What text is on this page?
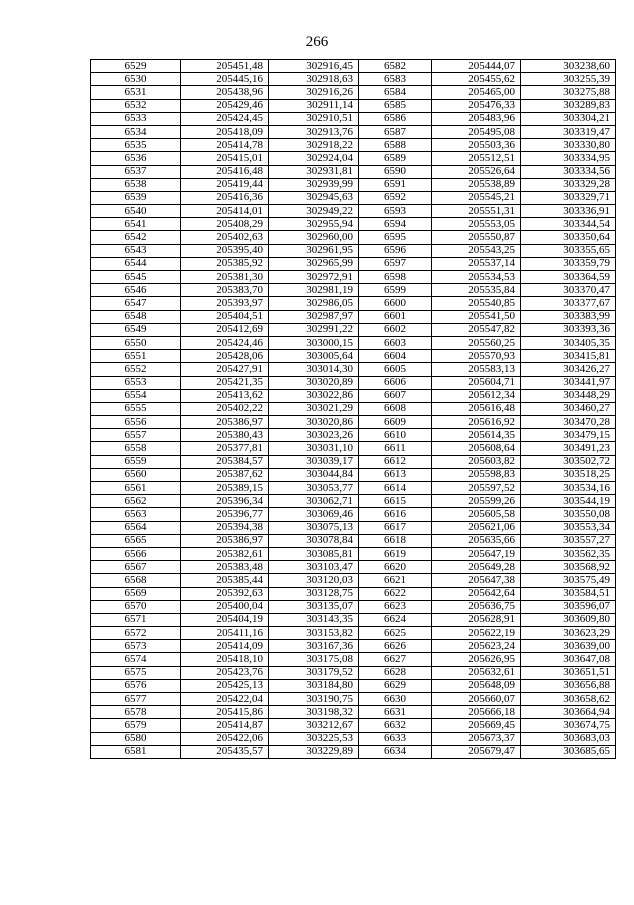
266
6529	205451,48	302916,45	6582	205444,07	303238,60
6530	205445,16	302918,63	6583	205455,62	303255,39
6531	205438,96	302916,26	6584	205465,00	303275,88
6532	205429,46	302911,14	6585	205476,33	303289,83
6533	205424,45	302910,51	6586	205483,96	303304,21
6534	205418,09	302913,76	6587	205495,08	303319,47
6535	205414,78	302918,22	6588	205503,36	303330,80
6536	205415,01	302924,04	6589	205512,51	303334,95
6537	205416,48	302931,81	6590	205526,64	303334,56
6538	205419,44	302939,99	6591	205538,89	303329,28
6539	205416,36	302945,63	6592	205545,21	303329,71
6540	205414,01	302949,22	6593	205551,31	303336,91
6541	205408,29	302955,94	6594	205553,05	303344,54
6542	205402,63	302960,00	6595	205550,87	303350,64
6543	205395,40	302961,95	6596	205543,25	303355,65
6544	205385,92	302965,99	6597	205537,14	303359,79
6545	205381,30	302972,91	6598	205534,53	303364,59
6546	205383,70	302981,19	6599	205535,84	303370,47
6547	205393,97	302986,05	6600	205540,85	303377,67
6548	205404,51	302987,97	6601	205541,50	303383,99
6549	205412,69	302991,22	6602	205547,82	303393,36
6550	205424,46	303000,15	6603	205560,25	303405,35
6551	205428,06	303005,64	6604	205570,93	303415,81
6552	205427,91	303014,30	6605	205583,13	303426,27
6553	205421,35	303020,89	6606	205604,71	303441,97
6554	205413,62	303022,86	6607	205612,34	303448,29
6555	205402,22	303021,29	6608	205616,48	303460,27
6556	205386,97	303020,86	6609	205616,92	303470,28
6557	205380,43	303023,26	6610	205614,35	303479,15
6558	205377,81	303031,10	6611	205608,64	303491,23
6559	205384,57	303039,17	6612	205603,82	303502,72
6560	205387,62	303044,84	6613	205598,83	303518,25
6561	205389,15	303053,77	6614	205597,52	303534,16
6562	205396,34	303062,71	6615	205599,26	303544,19
6563	205396,77	303069,46	6616	205605,58	303550,08
6564	205394,38	303075,13	6617	205621,06	303553,34
6565	205386,97	303078,84	6618	205635,66	303557,27
6566	205382,61	303085,81	6619	205647,19	303562,35
6567	205383,48	303103,47	6620	205649,28	303568,92
6568	205385,44	303120,03	6621	205647,38	303575,49
6569	205392,63	303128,75	6622	205642,64	303584,51
6570	205400,04	303135,07	6623	205636,75	303596,07
6571	205404,19	303143,35	6624	205628,91	303609,80
6572	205411,16	303153,82	6625	205622,19	303623,29
6573	205414,09	303167,36	6626	205623,24	303639,00
6574	205418,10	303175,08	6627	205626,95	303647,08
6575	205423,76	303179,52	6628	205632,61	303651,51
6576	205425,13	303184,80	6629	205648,09	303656,88
6577	205422,04	303190,75	6630	205660,07	303658,62
6578	205415,86	303198,32	6631	205666,18	303664,94
6579	205414,87	303212,67	6632	205669,45	303674,75
6580	205422,06	303225,53	6633	205673,37	303683,03
6581	205435,57	303229,89	6634	205679,47	303685,65
